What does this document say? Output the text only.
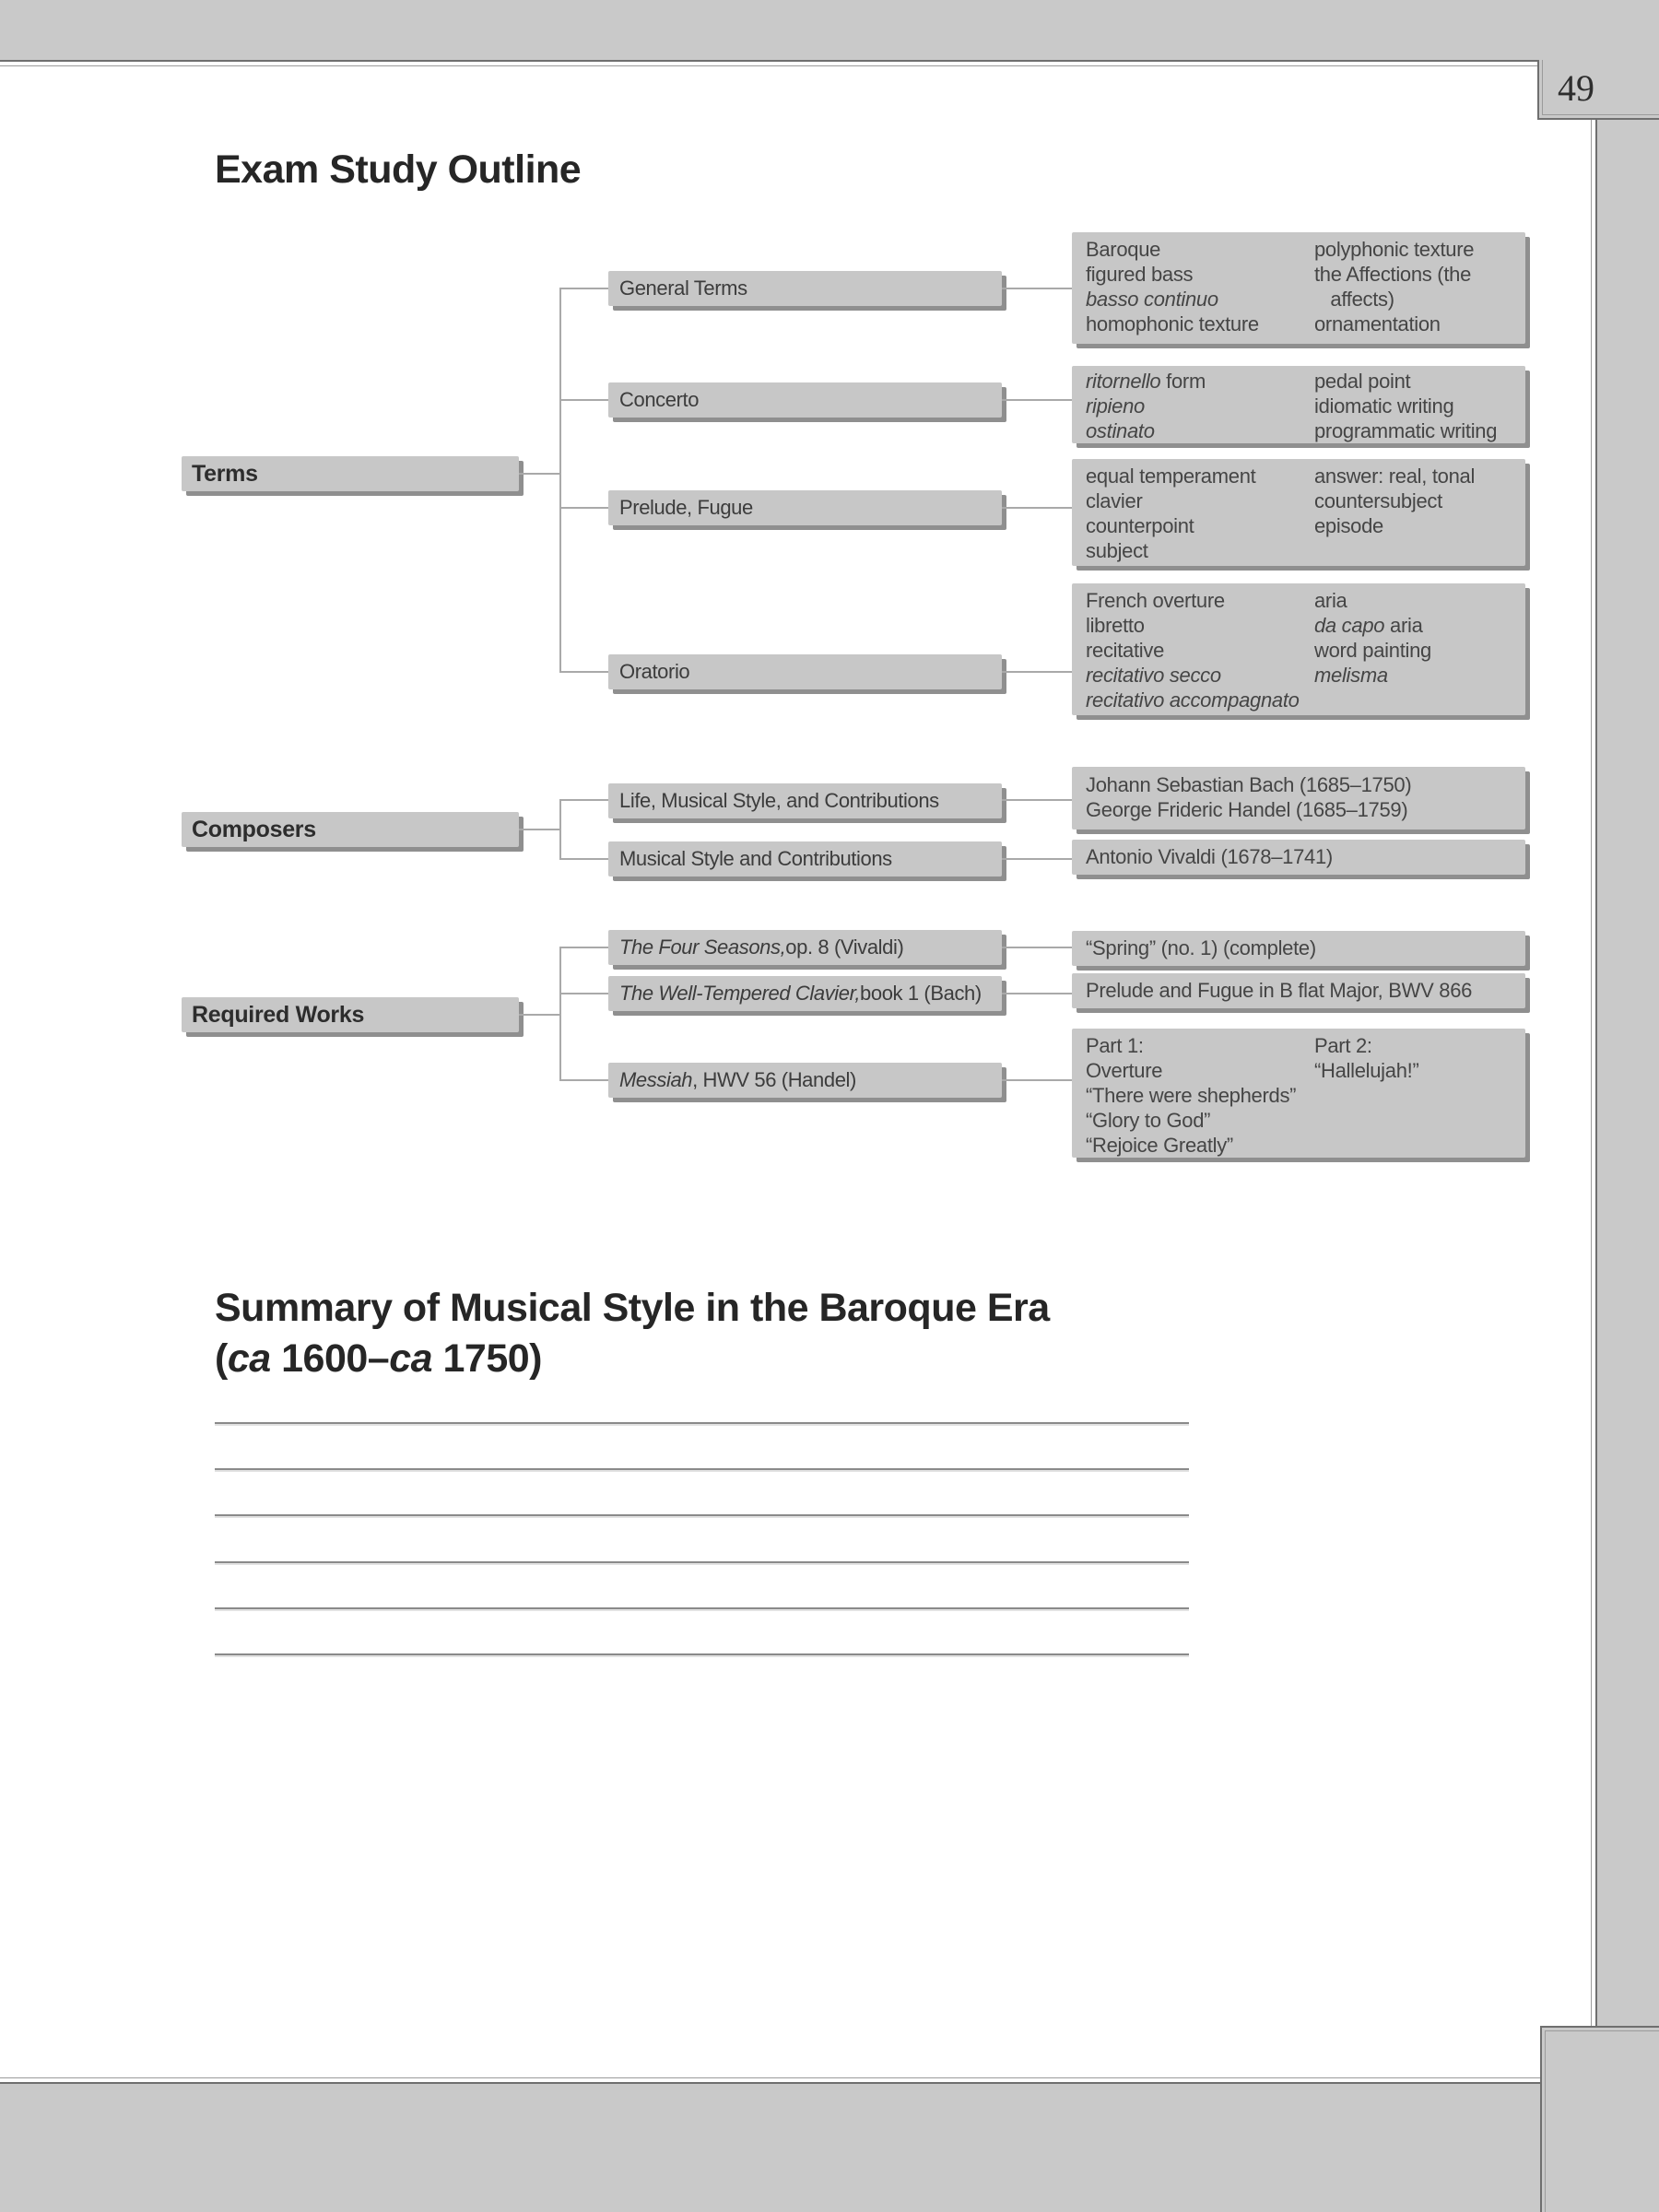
49
Exam Study Outline
Terms
General Terms
Concerto
Prelude, Fugue
Oratorio
Baroque
figured bass
basso continuo
homophonic texture
polyphonic texture
the Affections (the
affects)
ornamentation
ritornello form
ripieno
ostinato
pedal point
idiomatic writing
programmatic writing
equal temperament
clavier
counterpoint
subject
answer: real, tonal
countersubject
episode
French overture
libretto
recitative
recitativo secco
recitativo accompagnato
aria
da capo aria
word painting
melisma
Composers
Life, Musical Style, and Contributions
Musical Style and Contributions
Johann Sebastian Bach (1685–1750)
George Frideric Handel (1685–1759)
Antonio Vivaldi (1678–1741)
Required Works
The Four Seasons, op. 8 (Vivaldi)
The Well-Tempered Clavier, book 1 (Bach)
Messiah , HWV 56 (Handel)
“Spring” (no. 1) (complete)
Prelude and Fugue in B flat Major, BWV 866
Part 1:
Overture
“There were shepherds”
“Glory to God”
“Rejoice Greatly”
Part 2:
“Hallelujah!”
Summary of Musical Style in the Baroque Era
(ca 1600–ca 1750)
